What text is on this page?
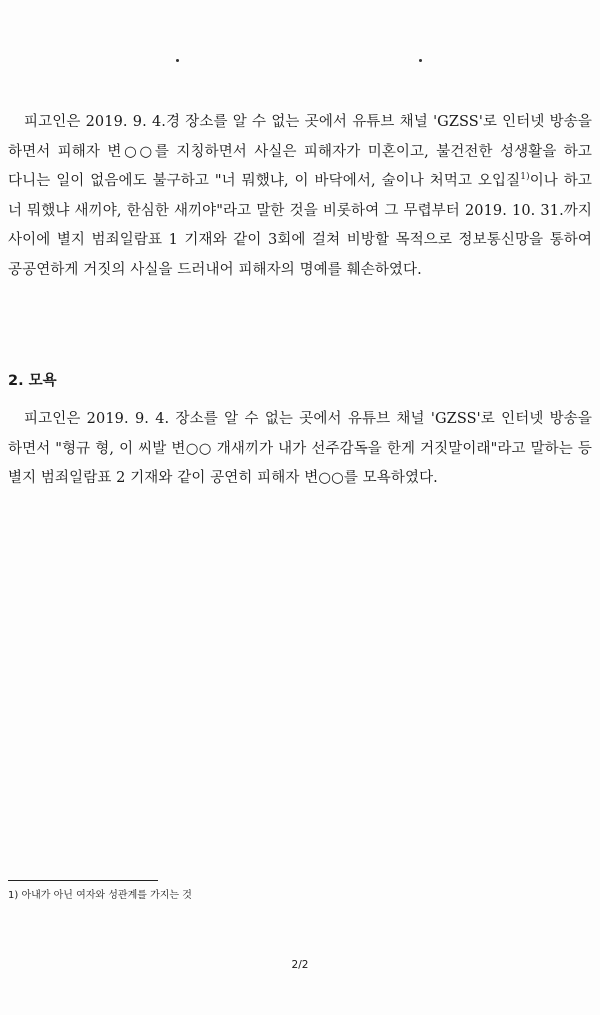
피고인은 2019. 9. 4.경 장소를 알 수 없는 곳에서 유튜브 채널 'GZSS'로 인터넷 방송을 하면서 피해자 변○○를 지칭하면서 사실은 피해자가 미혼이고, 불건전한 성생활을 하고 다니는 일이 없음에도 불구하고 "너 뭐했냐, 이 바닥에서, 술이나 처먹고 오입질$^{1)}$이나 하고 너 뭐했냐 새끼야, 한심한 새끼야"라고 말한 것을 비롯하여 그 무렵부터 2019. 10. 31.까지 사이에 별지 범죄일람표 1 기재와 같이 3회에 걸쳐 비방할 목적으로 정보통신망을 통하여 공공연하게 거짓의 사실을 드러내어 피해자의 명예를 훼손하였다.

2. 모욕

피고인은 2019. 9. 4. 장소를 알 수 없는 곳에서 유튜브 채널 'GZSS'로 인터넷 방송을 하면서 "형규 형, 이 씨발 변○○ 개새끼가 내가 선주감독을 한게 거짓말이래"라고 말하는 등 별지 범죄일람표 2 기재와 같이 공연히 피해자 변○○를 모욕하였다.

1) 아내가 아닌 여자와 성관계를 가지는 것
2/2
